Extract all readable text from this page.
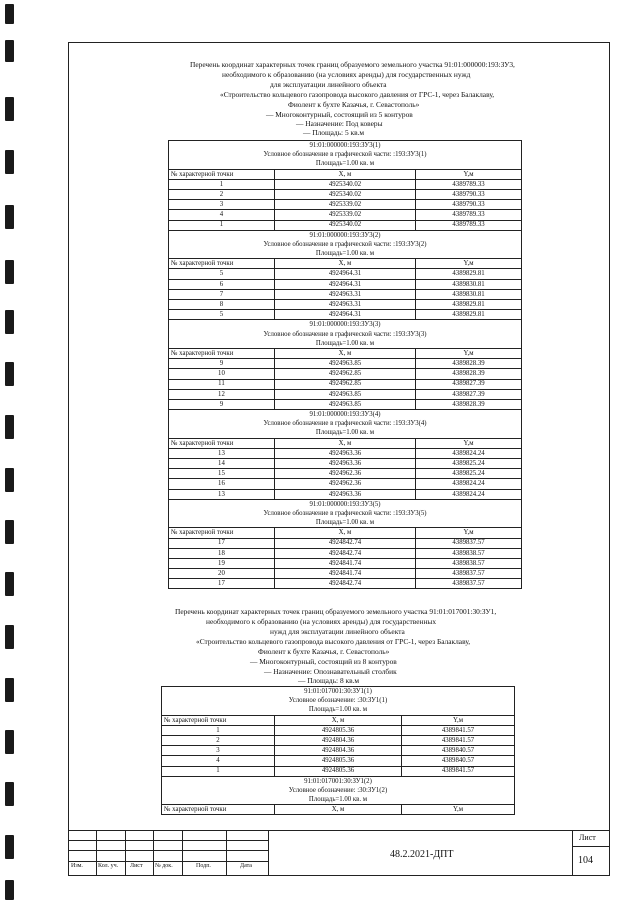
Перечень координат характерных точек границ образуемого земельного участка 91:01:000000:193:ЗУ3,
необходимого к образованию (на условиях аренды) для государственных нужд
для эксплуатации линейного объекта
«Строительство кольцевого газопровода высокого давления от ГРС-1, через Балаклаву,
Фиолент к бухте Казачья, г. Севастополь»
— Многоконтурный, состоящий из 5 контуров
— Назначение: Под коверы
— Площадь: 5 кв.м
91:01:000000:193:ЗУ3(1)		
Условное обозначение в графической части: :193:ЗУ3(1)		
Площадь=1.00 кв. м		
№ характерной точки	X, м	Y,м
1	4925340.02	4389789.33
2	4925340.02	4389790.33
3	4925339.02	4389790.33
4	4925339.02	4389789.33
1	4925340.02	4389789.33
91:01:000000:193:ЗУ3(2)		
Условное обозначение в графической части: :193:ЗУ3(2)		
Площадь=1.00 кв. м		
№ характерной точки	X, м	Y,м
5	4924964.31	4389829.81
6	4924964.31	4389830.81
7	4924963.31	4389830.81
8	4924963.31	4389829.81
5	4924964.31	4389829.81
91:01:000000:193:ЗУ3(3)		
Условное обозначение в графической части: :193:ЗУ3(3)		
Площадь=1.00 кв. м		
№ характерной точки	X, м	Y,м
9	4924963.85	4389828.39
10	4924962.85	4389828.39
11	4924962.85	4389827.39
12	4924963.85	4389827.39
9	4924963.85	4389828.39
91:01:000000:193:ЗУ3(4)		
Условное обозначение в графической части: :193:ЗУ3(4)		
Площадь=1.00 кв. м		
№ характерной точки	X, м	Y,м
13	4924963.36	4389824.24
14	4924963.36	4389825.24
15	4924962.36	4389825.24
16	4924962.36	4389824.24
13	4924963.36	4389824.24
91:01:000000:193:ЗУ3(5)		
Условное обозначение в графической части: :193:ЗУ3(5)		
Площадь=1.00 кв. м		
№ характерной точки	X, м	Y,м
17	4924842.74	4389837.57
18	4924842.74	4389838.57
19	4924841.74	4389838.57
20	4924841.74	4389837.57
17	4924842.74	4389837.57
Перечень координат характерных точек границ образуемого земельного участка 91:01:017001:30:ЗУ1,
необходимого к образованию (на условиях аренды) для государственных
нужд для эксплуатации линейного объекта
«Строительство кольцевого газопровода высокого давления от ГРС-1, через Балаклаву,
Фиолент к бухте Казачья, г. Севастополь»
— Многоконтурный, состоящий из 8 контуров
— Назначение: Опознавательный столбик
— Площадь: 8 кв.м
91:01:017001:30:ЗУ1(1)		
Условное обозначение: :30:ЗУ1(1)		
Площадь=1.00 кв. м		
№ характерной точки	X, м	Y,м
1	4924805.36	4389841.57
2	4924804.36	4389841.57
3	4924804.36	4389840.57
4	4924805.36	4389840.57
1	4924805.36	4389841.57
91:01:017001:30:ЗУ1(2)		
Условное обозначение: :30:ЗУ1(2)		
Площадь=1.00 кв. м		
№ характерной точки	X, м	Y,м
Изм.	Кол. уч. Лист № док.	Подп.	Дата
48.2.2021-ДПТ
Лист
104
